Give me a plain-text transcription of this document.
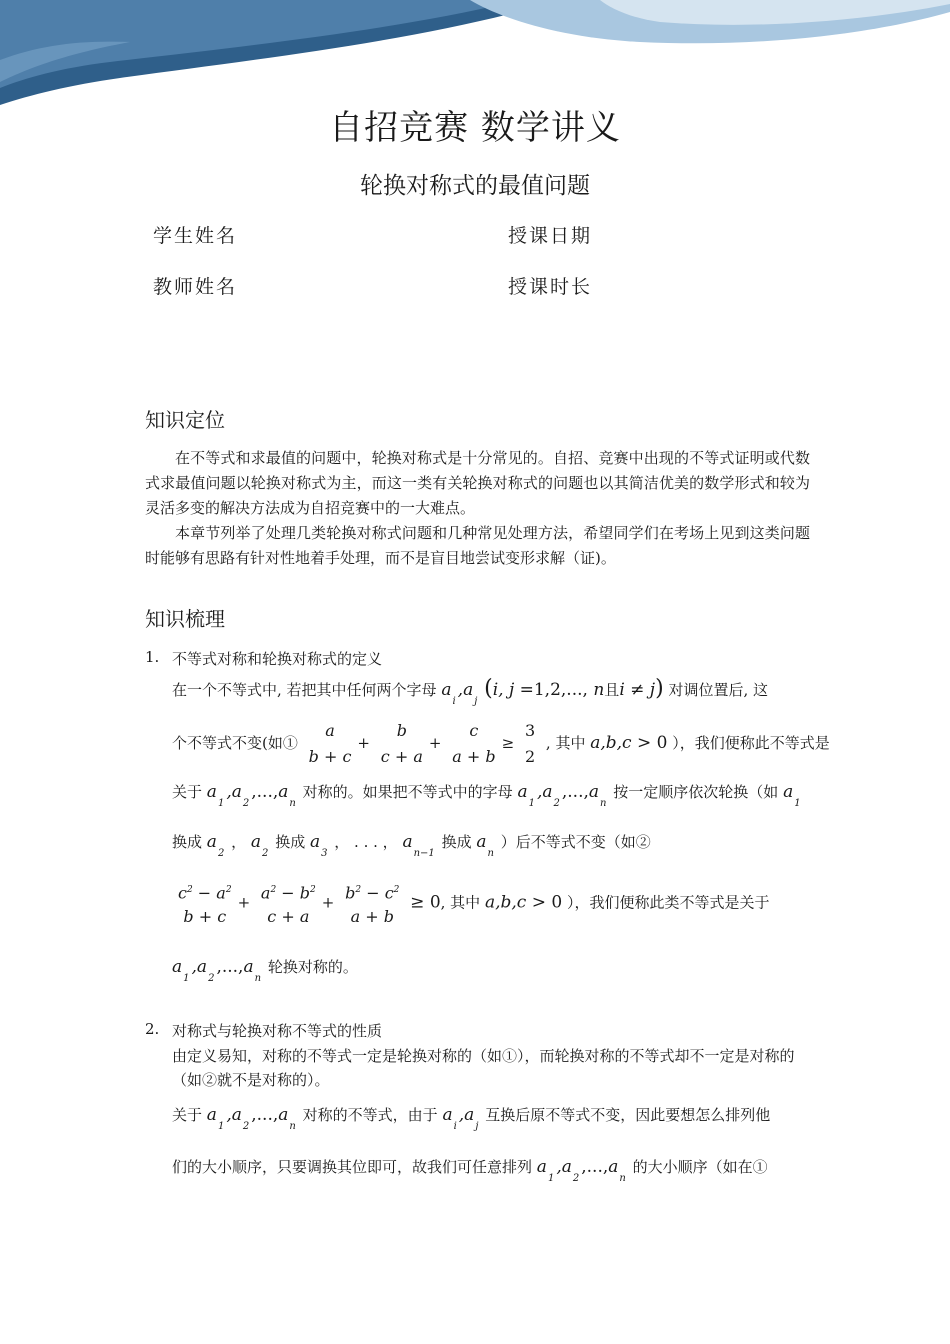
自招竞赛 数学讲义
轮换对称式的最值问题
学生姓名	授课日期
教师姓名	授课时长
知识定位
在不等式和求最值的问题中，轮换对称式是十分常见的。自招、竞赛中出现的不等式证明或代数式求最值问题以轮换对称式为主，而这一类有关轮换对称式的问题也以其简洁优美的数学形式和较为灵活多变的解决方法成为自招竞赛中的一大难点。
本章节列举了处理几类轮换对称式问题和几种常见处理方法，希望同学们在考场上见到这类问题时能够有思路有针对性地着手处理，而不是盲目地尝试变形求解（证)。
知识梳理
1. 不等式对称和轮换对称式的定义
在一个不等式中, 若把其中任何两个字母 $a_i,a_j$ (i, j =1,2,..., n且i ≠ j) 对调位置后, 这
个不等式不变(如①
a
b + c
+
b
c + a
+
c
a + b
≥
3
2
, 其中 a,b,c > 0 ），我们便称此不等式是
关于 $a_1,a_2,...,a_n$ 对称的。如果把不等式中的字母 $a_1,a_2,...,a_n$ 按一定顺序依次轮换（如 $a_1$
换成 $a_2$ ， $a_2$ 换成 $a_3$ ， . . . ， $a_{n-1}$ 换成 $a_n$ ）后不等式不变（如②
$c^2 - a^2$
b + c
+
$a^2 - b^2$
c + a
+
$b^2 - c^2$
a + b
≥ 0, 其中 a,b,c > 0 ），我们便称此类不等式是关于
$a_1,a_2,...,a_n$ 轮换对称的。
2. 对称式与轮换对称不等式的性质
由定义易知，对称的不等式一定是轮换对称的（如①），而轮换对称的不等式却不一定是对称的（如②就不是对称的）。
关于 $a_1,a_2,...,a_n$ 对称的不等式，由于 $a_i,a_j$ 互换后原不等式不变，因此要想怎么排列他
们的大小顺序，只要调换其位即可，故我们可任意排列 $a_1,a_2,...,a_n$ 的大小顺序（如在①
